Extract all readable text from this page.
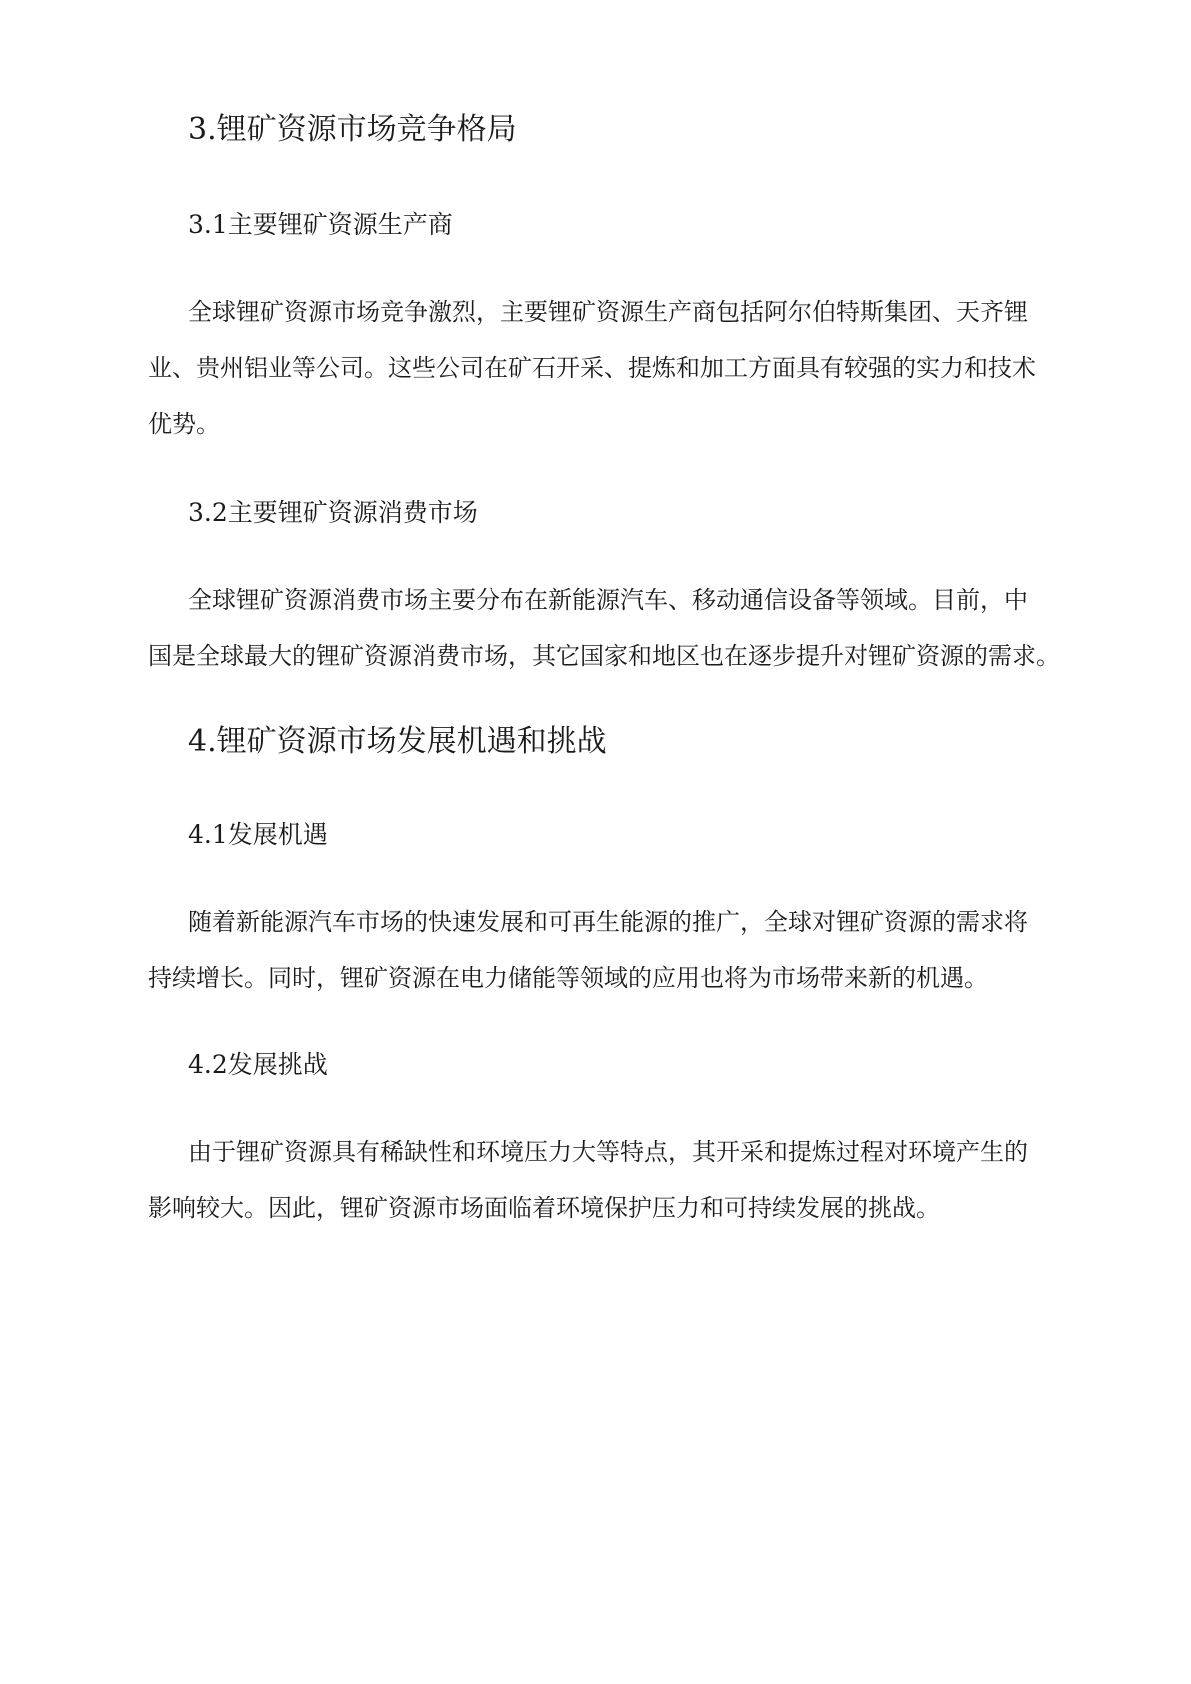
3.锂矿资源市场竞争格局
3.1主要锂矿资源生产商

全球锂矿资源市场竞争激烈，主要锂矿资源生产商包括阿尔伯特斯集团、天齐锂

业、贵州铝业等公司。这些公司在矿石开采、提炼和加工方面具有较强的实力和技术

优势。

3.2主要锂矿资源消费市场

全球锂矿资源消费市场主要分布在新能源汽车、移动通信设备等领域。目前，中

国是全球最大的锂矿资源消费市场，其它国家和地区也在逐步提升对锂矿资源的需求。

4.锂矿资源市场发展机遇和挑战
4.1发展机遇

随着新能源汽车市场的快速发展和可再生能源的推广，全球对锂矿资源的需求将

持续增长。同时，锂矿资源在电力储能等领域的应用也将为市场带来新的机遇。

4.2发展挑战

由于锂矿资源具有稀缺性和环境压力大等特点，其开采和提炼过程对环境产生的

影响较大。因此，锂矿资源市场面临着环境保护压力和可持续发展的挑战。
